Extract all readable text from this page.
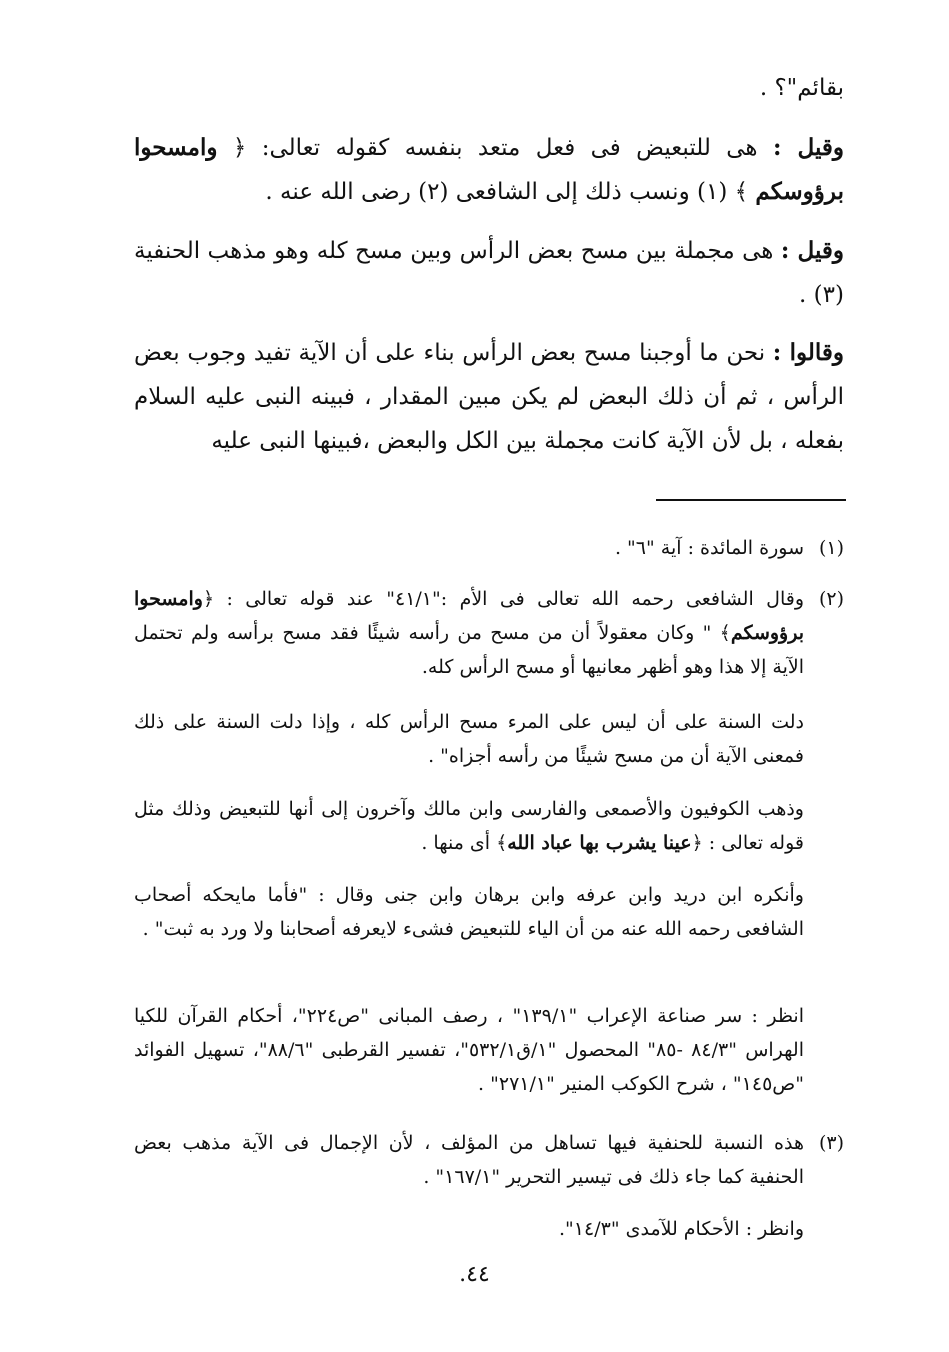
بقائم"؟ .

وقيل : هى للتبعيض فى فعل متعد بنفسه كقوله تعالى: ﴿ وامسحوا برؤوسكم ﴾ (١) ونسب ذلك إلى الشافعى (٢) رضى الله عنه .

وقيل : هى مجملة بين مسح بعض الرأس وبين مسح كله وهو مذهب الحنفية (٣) .

وقالوا : نحن ما أوجبنا مسح بعض الرأس بناء على أن الآية تفيد وجوب بعض الرأس ، ثم أن ذلك البعض لم يكن مبين المقدار ، فبينه النبى عليه السلام بفعله ، بل لأن الآية كانت مجملة بين الكل والبعض ،فبينها النبى عليه

(١)
سورة المائدة : آية "٦" .
(٢)
وقال الشافعى رحمه الله تعالى فى الأم :"٤١/١" عند قوله تعالى : ﴿وامسحوا برؤوسكم﴾ " وكان معقولاً أن من مسح من رأسه شيئًا فقد مسح برأسه ولم تحتمل الآية إلا هذا وهو أظهر معانيها أو مسح الرأس كله.
دلت السنة على أن ليس على المرء مسح الرأس كله ، وإذا دلت السنة على ذلك فمعنى الآية أن من مسح شيئًا من رأسه أجزاه" .
وذهب الكوفيون والأصمعى والفارسى وابن مالك وآخرون إلى أنها للتبعيض وذلك مثل قوله تعالى : ﴿عينا يشرب بها عباد الله﴾ أى منها .
وأنكره ابن دريد وابن عرفه وابن برهان وابن جنى وقال : "فأما مايحكه أصحاب الشافعى رحمه الله عنه من أن الياء للتبعيض فشىء لايعرفه أصحابنا ولا ورد به ثبت" .
انظر : سر صناعة الإعراب "١٣٩/١" ، رصف المبانى "ص٢٢٤"، أحكام القرآن للكيا الهراس "٨٤/٣ -٨٥" المحصول "١/ق٥٣٢/١"، تفسير القرطبى "٨٨/٦"، تسهيل الفوائد "ص١٤٥" ، شرح الكوكب المنير "٢٧١/١" .
(٣)
هذه النسبة للحنفية فيها تساهل من المؤلف ، لأن الإجمال فى الآية مذهب بعض الحنفية كما جاء ذلك فى تيسير التحرير "١٦٧/١" .
وانظر : الأحكام للآمدى "١٤/٣".
٤٤.
